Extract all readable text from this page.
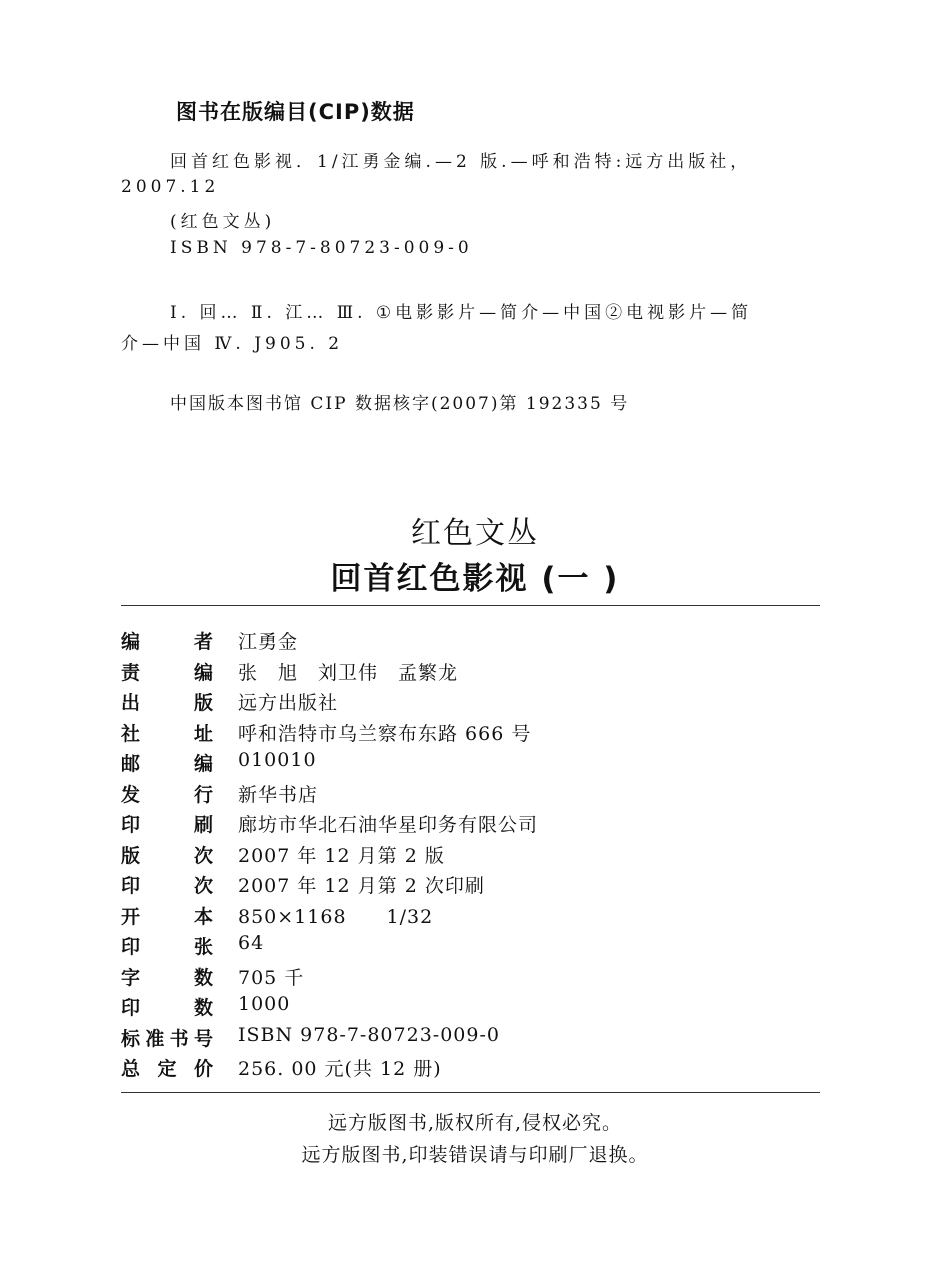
图书在版编目(CIP)数据
回首红色影视．1/江勇金编.—2 版.—呼和浩特:远方出版社，
2007.12
(红色文丛)
ISBN 978-7-80723-009-0
Ⅰ. 回… Ⅱ. 江… Ⅲ. ①电影影片—简介—中国②电视影片—简
介—中国 Ⅳ. J905. 2
中国版本图书馆 CIP 数据核字(2007)第 192335 号
红色文丛
回首红色影视 (一 )
编	者 江勇金
责	编 张　旭　刘卫伟　孟繁龙
出	版 远方出版社
社	址 呼和浩特市乌兰察布东路 666 号
邮	编 010010
发	行 新华书店
印	刷 廊坊市华北石油华星印务有限公司
版	次 2007 年 12 月第 2 版
印	次 2007 年 12 月第 2 次印刷
开	本 850×1168　　1/32
印	张 64
字	数 705 千
印	数 1000
标 准 书 号 ISBN 978-7-80723-009-0
总 定 价 256. 00 元(共 12 册)
远方版图书,版权所有,侵权必究。
远方版图书,印装错误请与印刷厂退换。
